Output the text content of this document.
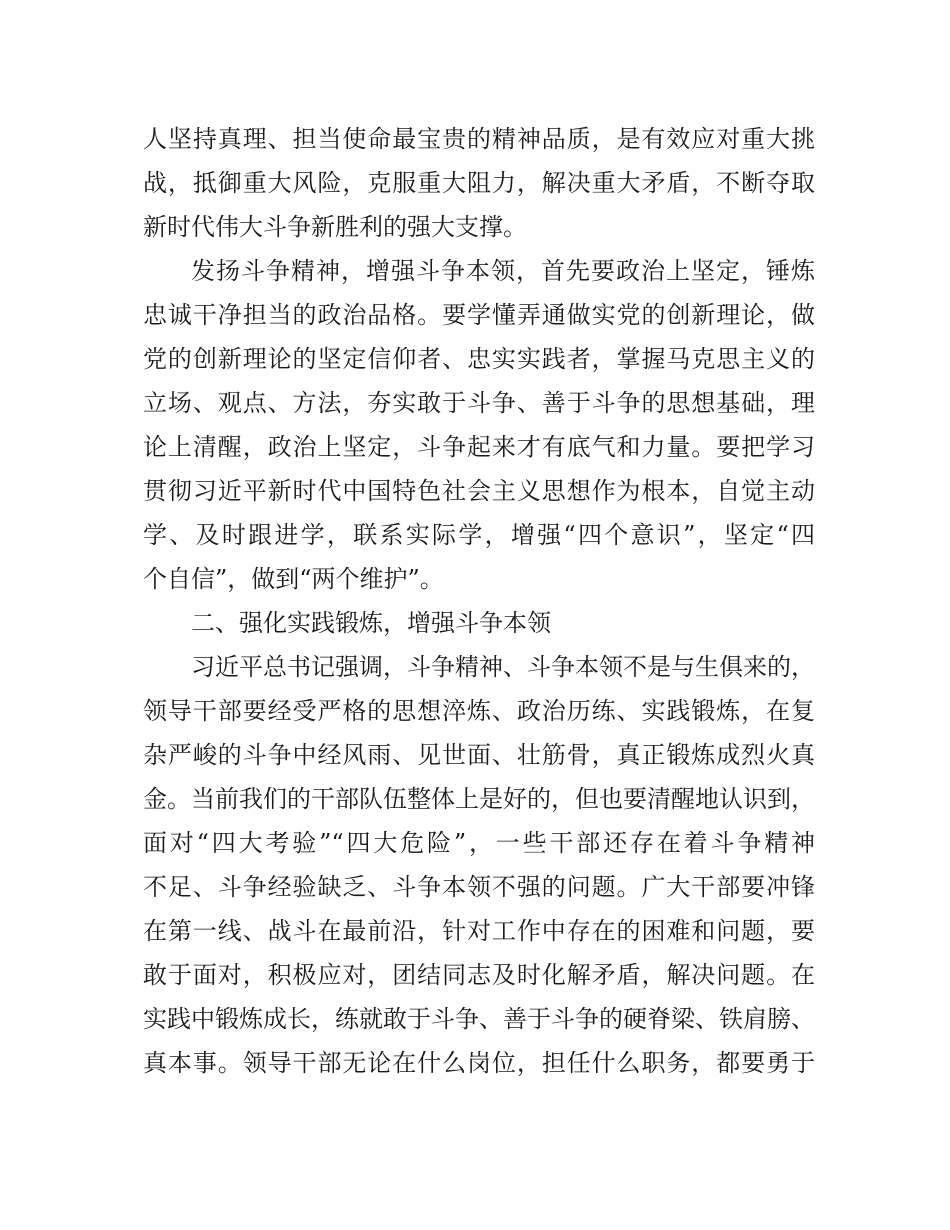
人坚持真理、担当使命最宝贵的精神品质，是有效应对重大挑
战，抵御重大风险，克服重大阻力，解决重大矛盾，不断夺取
新时代伟大斗争新胜利的强大支撑。
发扬斗争精神，增强斗争本领，首先要政治上坚定，锤炼
忠诚干净担当的政治品格。要学懂弄通做实党的创新理论，做
党的创新理论的坚定信仰者、忠实实践者，掌握马克思主义的
立场、观点、方法，夯实敢于斗争、善于斗争的思想基础，理
论上清醒，政治上坚定，斗争起来才有底气和力量。要把学习
贯彻习近平新时代中国特色社会主义思想作为根本，自觉主动
学、及时跟进学，联系实际学，增强“四个意识”，坚定“四
个自信”，做到“两个维护”。
二、强化实践锻炼，增强斗争本领
习近平总书记强调，斗争精神、斗争本领不是与生俱来的，
领导干部要经受严格的思想淬炼、政治历练、实践锻炼，在复
杂严峻的斗争中经风雨、见世面、壮筋骨，真正锻炼成烈火真
金。当前我们的干部队伍整体上是好的，但也要清醒地认识到，
面对“四大考验”“四大危险”，一些干部还存在着斗争精神
不足、斗争经验缺乏、斗争本领不强的问题。广大干部要冲锋
在第一线、战斗在最前沿，针对工作中存在的困难和问题，要
敢于面对，积极应对，团结同志及时化解矛盾，解决问题。在
实践中锻炼成长，练就敢于斗争、善于斗争的硬脊梁、铁肩膀、
真本事。领导干部无论在什么岗位，担任什么职务，都要勇于
